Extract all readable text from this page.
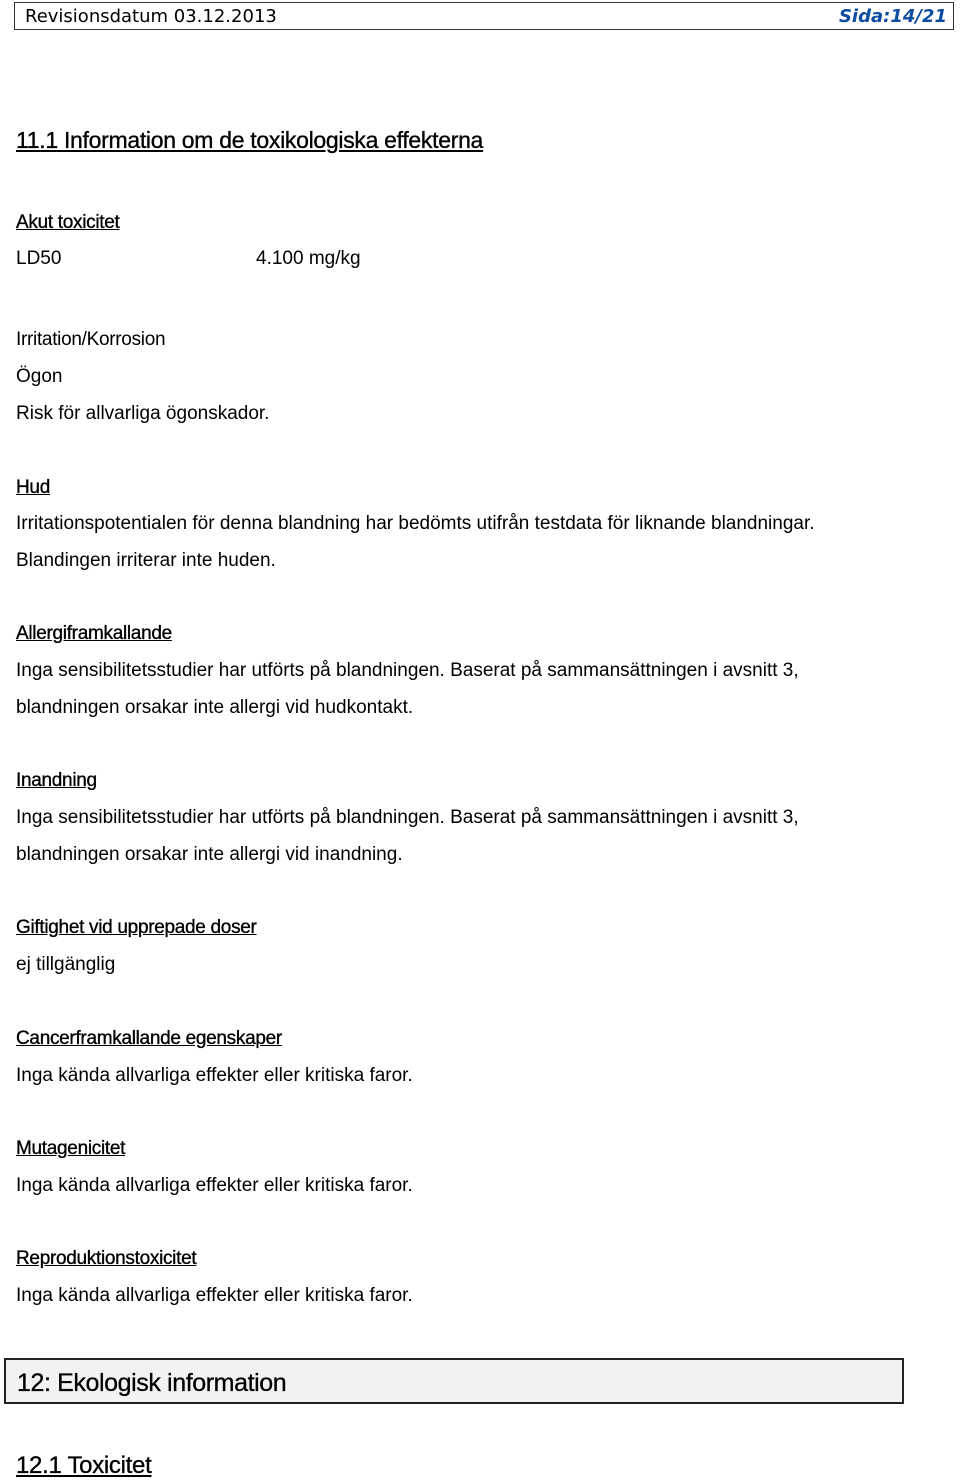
Revisionsdatum 03.12.2013	Sida:14/21
11.1 Information om de toxikologiska effekterna
Akut toxicitet
LD50	4.100 mg/kg
Irritation/Korrosion
Ögon
Risk för allvarliga ögonskador.
Hud
Irritationspotentialen för denna blandning har bedömts utifrån testdata för liknande blandningar.
Blandingen irriterar inte huden.
Allergiframkallande
Inga sensibilitetsstudier har utförts på blandningen. Baserat på sammansättningen i avsnitt 3,
blandningen orsakar inte allergi vid hudkontakt.
Inandning
Inga sensibilitetsstudier har utförts på blandningen. Baserat på sammansättningen i avsnitt 3,
blandningen orsakar inte allergi vid inandning.
Giftighet vid upprepade doser
ej tillgänglig
Cancerframkallande egenskaper
Inga kända allvarliga effekter eller kritiska faror.
Mutagenicitet
Inga kända allvarliga effekter eller kritiska faror.
Reproduktionstoxicitet
Inga kända allvarliga effekter eller kritiska faror.
12: Ekologisk information
12.1 Toxicitet
